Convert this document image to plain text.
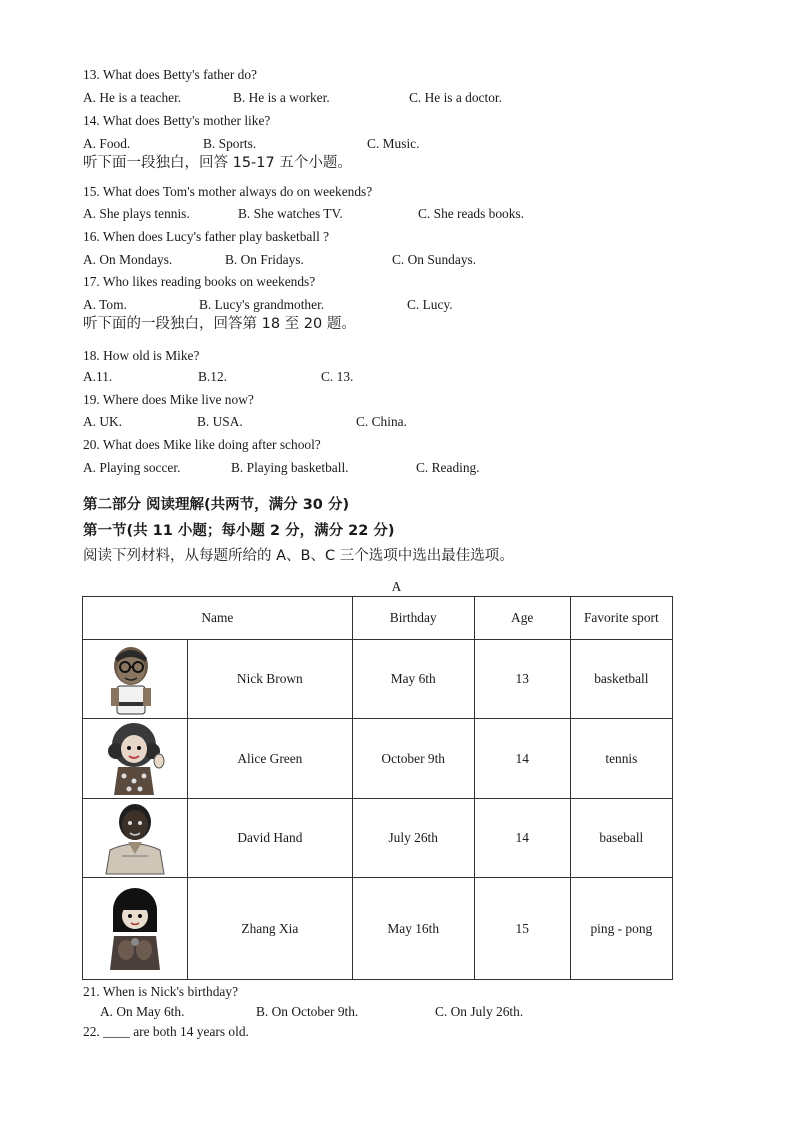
13. What does Betty's father do?
A. He is a teacher.	B. He is a worker.	C. He is a doctor.
14. What does Betty's mother like?
A. Food.	B. Sports.	C. Music.
听下面一段独白，回答 15-17 五个小题。
15. What does Tom's mother always do on weekends?
A. She plays tennis.	B. She watches TV.	C. She reads books.
16. When does Lucy's father play basketball ?
A. On Mondays.	B. On Fridays.	C. On Sundays.
17. Who likes reading books on weekends?
A. Tom.	B. Lucy's grandmother.	C. Lucy.
听下面的一段独白，回答第 18 至 20 题。
18. How old is Mike?
A.11.	B.12.	C. 13.
19. Where does Mike live now?
A. UK.	B. USA.	C. China.
20. What does Mike like doing after school?
A. Playing soccer.	B. Playing basketball.	C. Reading.
第二部分 阅读理解(共两节，满分 30 分)
第一节(共 11 小题；每小题 2 分，满分 22 分)
阅读下列材料，从每题所给的 A、B、C 三个选项中选出最佳选项。
A
Name		Birthday	Age	Favorite sport

	Nick Brown	May 6th	13	basketball

	Alice Green	October 9th	14	tennis

	David Hand	July 26th	14	baseball

	Zhang Xia	May 16th	15	ping - pong
21. When is Nick's birthday?
A. On May 6th.	B. On October 9th.	C. On July 26th.
22. ____ are both 14 years old.
